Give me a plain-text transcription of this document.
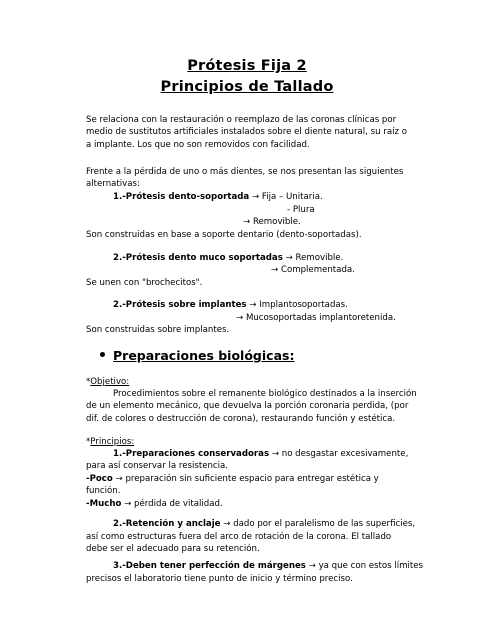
Prótesis Fija 2
Principios de Tallado
Se relaciona con la restauración o reemplazo de las coronas clínicas por
medio de sustitutos artificiales instalados sobre el diente natural, su raíz o
a implante. Los que no son removidos con facilidad.
Frente a la pérdida de uno o más dientes, se nos presentan las siguientes
alternativas:
1.-Prótesis dento-soportada → Fija – Unitaria.
- Plura
→ Removible.
Son construidas en base a soporte dentario (dento-soportadas).
2.-Prótesis dento muco soportadas → Removible.
→ Complementada.
Se unen con "brochecitos".
2.-Prótesis sobre implantes → Implantosoportadas.
→ Mucosoportadas implantoretenida.
Son construidas sobre implantes.
Preparaciones biológicas:
*Objetivo:
Procedimientos sobre el remanente biológico destinados a la inserción
de un elemento mecánico, que devuelva la porción coronaria perdida, (por
dif. de colores o destrucción de corona), restaurando función y estética.
*Principios:
1.-Preparaciones conservadoras → no desgastar excesivamente,
para así conservar la resistencia.
-Poco → preparación sin suficiente espacio para entregar estética y
función.
-Mucho → pérdida de vitalidad.
2.-Retención y anclaje → dado por el paralelismo de las superficies,
así como estructuras fuera del arco de rotación de la corona. El tallado
debe ser el adecuado para su retención.
3.-Deben tener perfección de márgenes → ya que con estos límites
precisos el laboratorio tiene punto de inicio y término preciso.
